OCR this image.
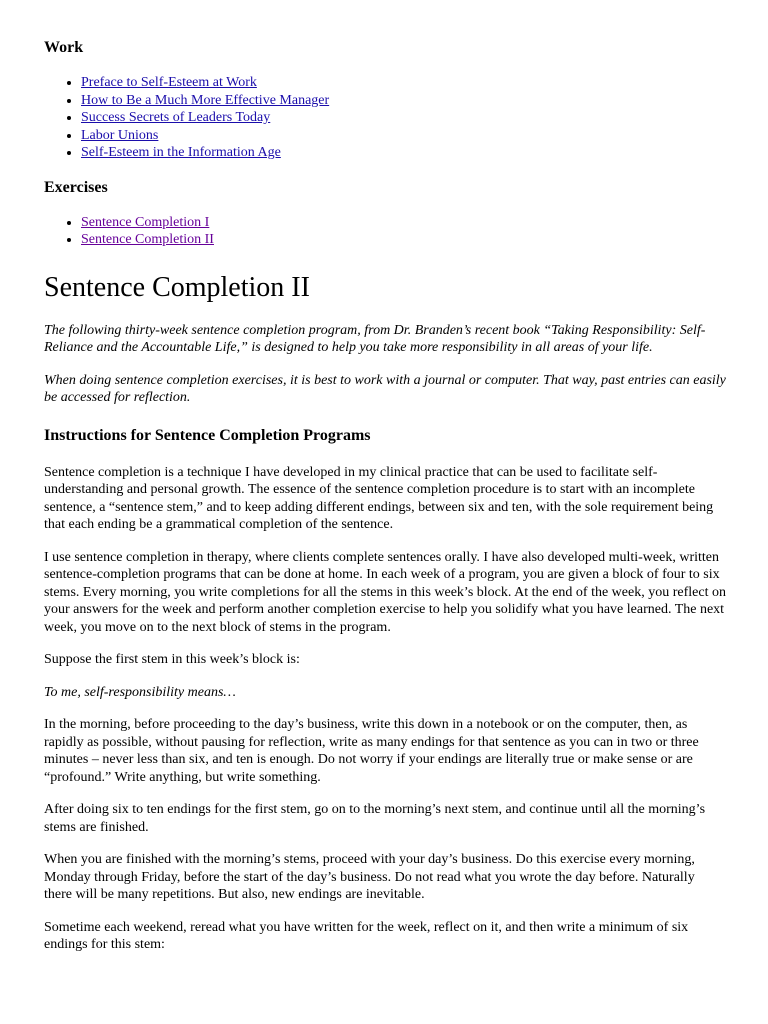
Work
• Preface to Self-Esteem at Work
• How to Be a Much More Effective Manager
• Success Secrets of Leaders Today
• Labor Unions
• Self-Esteem in the Information Age
Exercises
• Sentence Completion I
• Sentence Completion II
Sentence Completion II

The following thirty-week sentence completion program, from Dr. Branden’s recent book “Taking Responsibility: Self-Reliance and the Accountable Life,” is designed to help you take more responsibility in all areas of your life.

When doing sentence completion exercises, it is best to work with a journal or computer. That way, past entries can easily be accessed for reflection.

Instructions for Sentence Completion Programs

Sentence completion is a technique I have developed in my clinical practice that can be used to facilitate self-understanding and personal growth. The essence of the sentence completion procedure is to start with an incomplete sentence, a “sentence stem,” and to keep adding different endings, between six and ten, with the sole requirement being that each ending be a grammatical completion of the sentence.

I use sentence completion in therapy, where clients complete sentences orally. I have also developed multi-week, written sentence-completion programs that can be done at home. In each week of a program, you are given a block of four to six stems. Every morning, you write completions for all the stems in this week’s block. At the end of the week, you reflect on your answers for the week and perform another completion exercise to help you solidify what you have learned. The next week, you move on to the next block of stems in the program.

Suppose the first stem in this week’s block is:

To me, self-responsibility means…

In the morning, before proceeding to the day’s business, write this down in a notebook or on the computer, then, as rapidly as possible, without pausing for reflection, write as many endings for that sentence as you can in two or three minutes – never less than six, and ten is enough. Do not worry if your endings are literally true or make sense or are “profound.” Write anything, but write something.

After doing six to ten endings for the first stem, go on to the morning’s next stem, and continue until all the morning’s stems are finished.

When you are finished with the morning’s stems, proceed with your day’s business. Do this exercise every morning, Monday through Friday, before the start of the day’s business. Do not read what you wrote the day before. Naturally there will be many repetitions. But also, new endings are inevitable.

Sometime each weekend, reread what you have written for the week, reflect on it, and then write a minimum of six endings for this stem:
